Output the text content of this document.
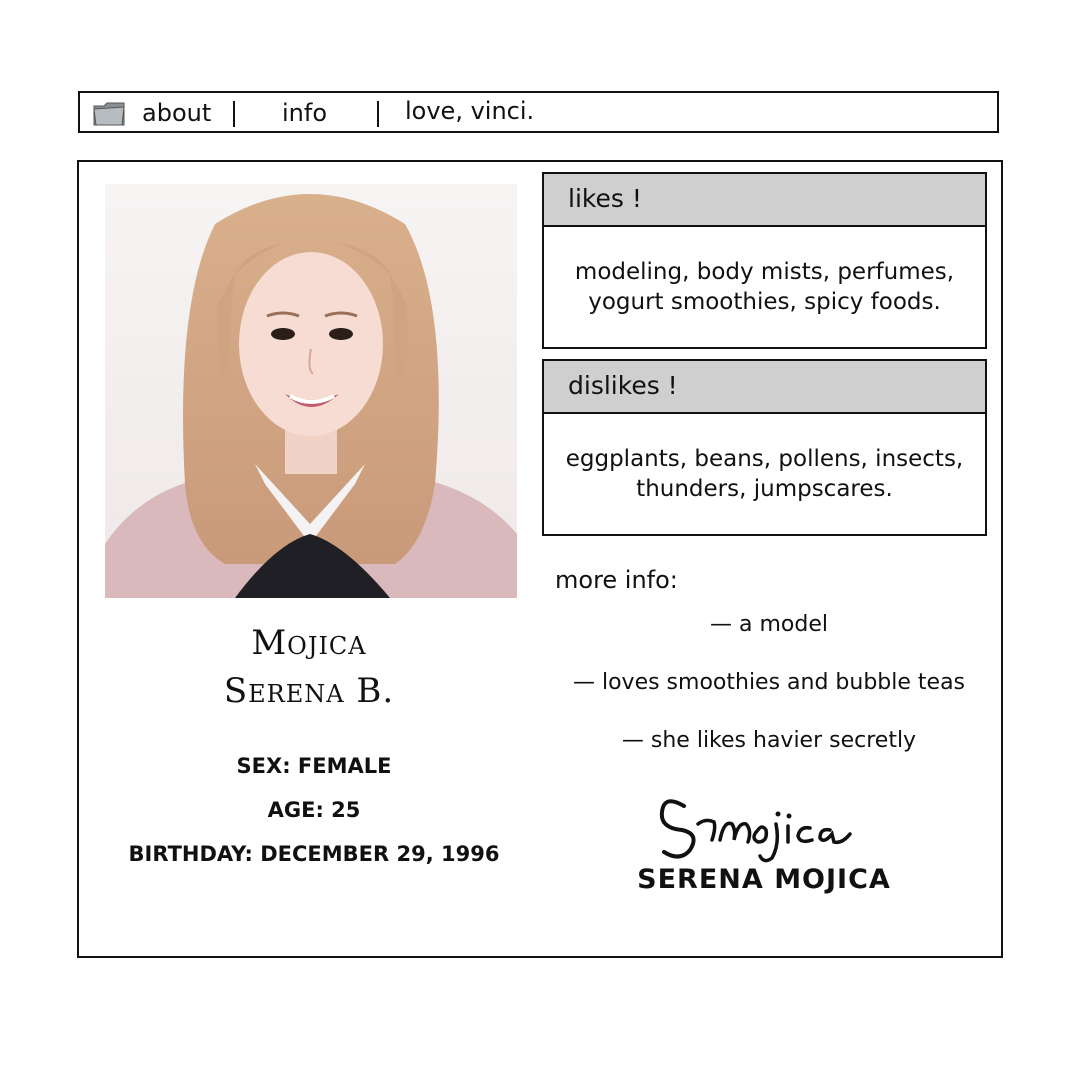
about	info	love, vinci.
Mojica
Serena B.
SEX: FEMALE
AGE: 25
BIRTHDAY: DECEMBER 29, 1996
likes !
modeling, body mists, perfumes, yogurt smoothies, spicy foods.
dislikes !
eggplants, beans, pollens, insects, thunders, jumpscares.
more info:
— a model
— loves smoothies and bubble teas
— she likes havier secretly
SERENA MOJICA
